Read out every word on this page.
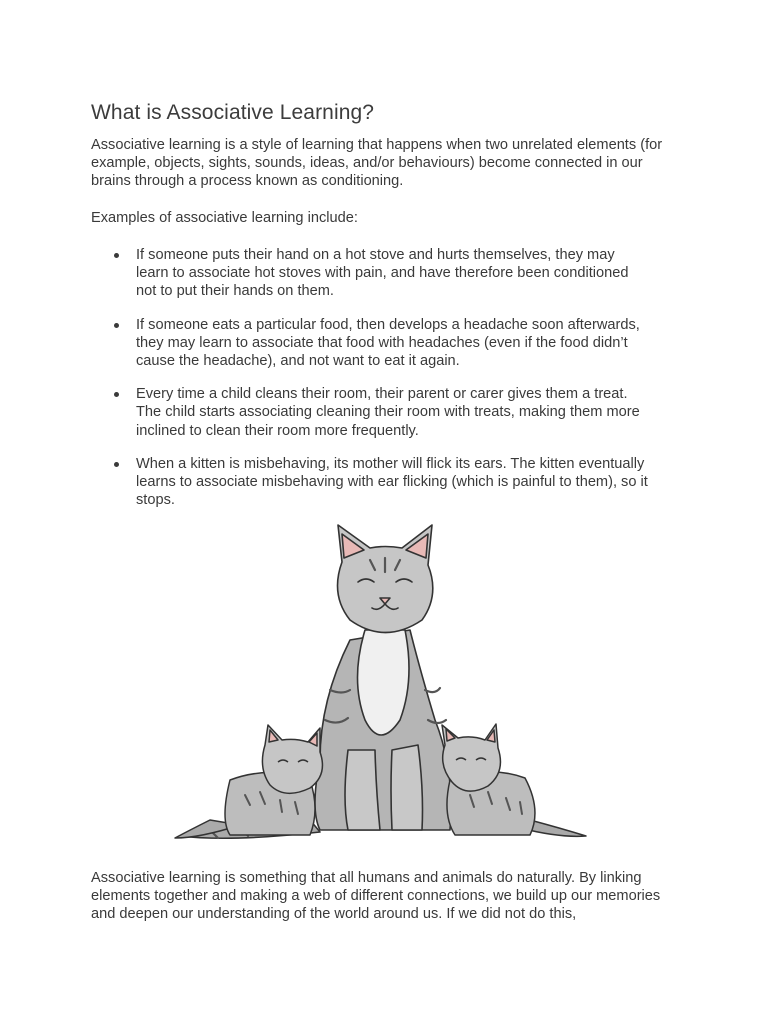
What is Associative Learning?

Associative learning is a style of learning that happens when two unrelated elements (for example, objects, sights, sounds, ideas, and/or behaviours) become connected in our brains through a process known as conditioning.

Examples of associative learning include:

If someone puts their hand on a hot stove and hurts themselves, they may learn to associate hot stoves with pain, and have therefore been conditioned not to put their hands on them.
If someone eats a particular food, then develops a headache soon afterwards, they may learn to associate that food with headaches (even if the food didn’t cause the headache), and not want to eat it again.
Every time a child cleans their room, their parent or carer gives them a treat. The child starts associating cleaning their room with treats, making them more inclined to clean their room more frequently.
When a kitten is misbehaving, its mother will flick its ears. The kitten eventually learns to associate misbehaving with ear flicking (which is painful to them), so it stops.

Associative learning is something that all humans and animals do naturally. By linking elements together and making a web of different connections, we build up our memories and deepen our understanding of the world around us. If we did not do this,
